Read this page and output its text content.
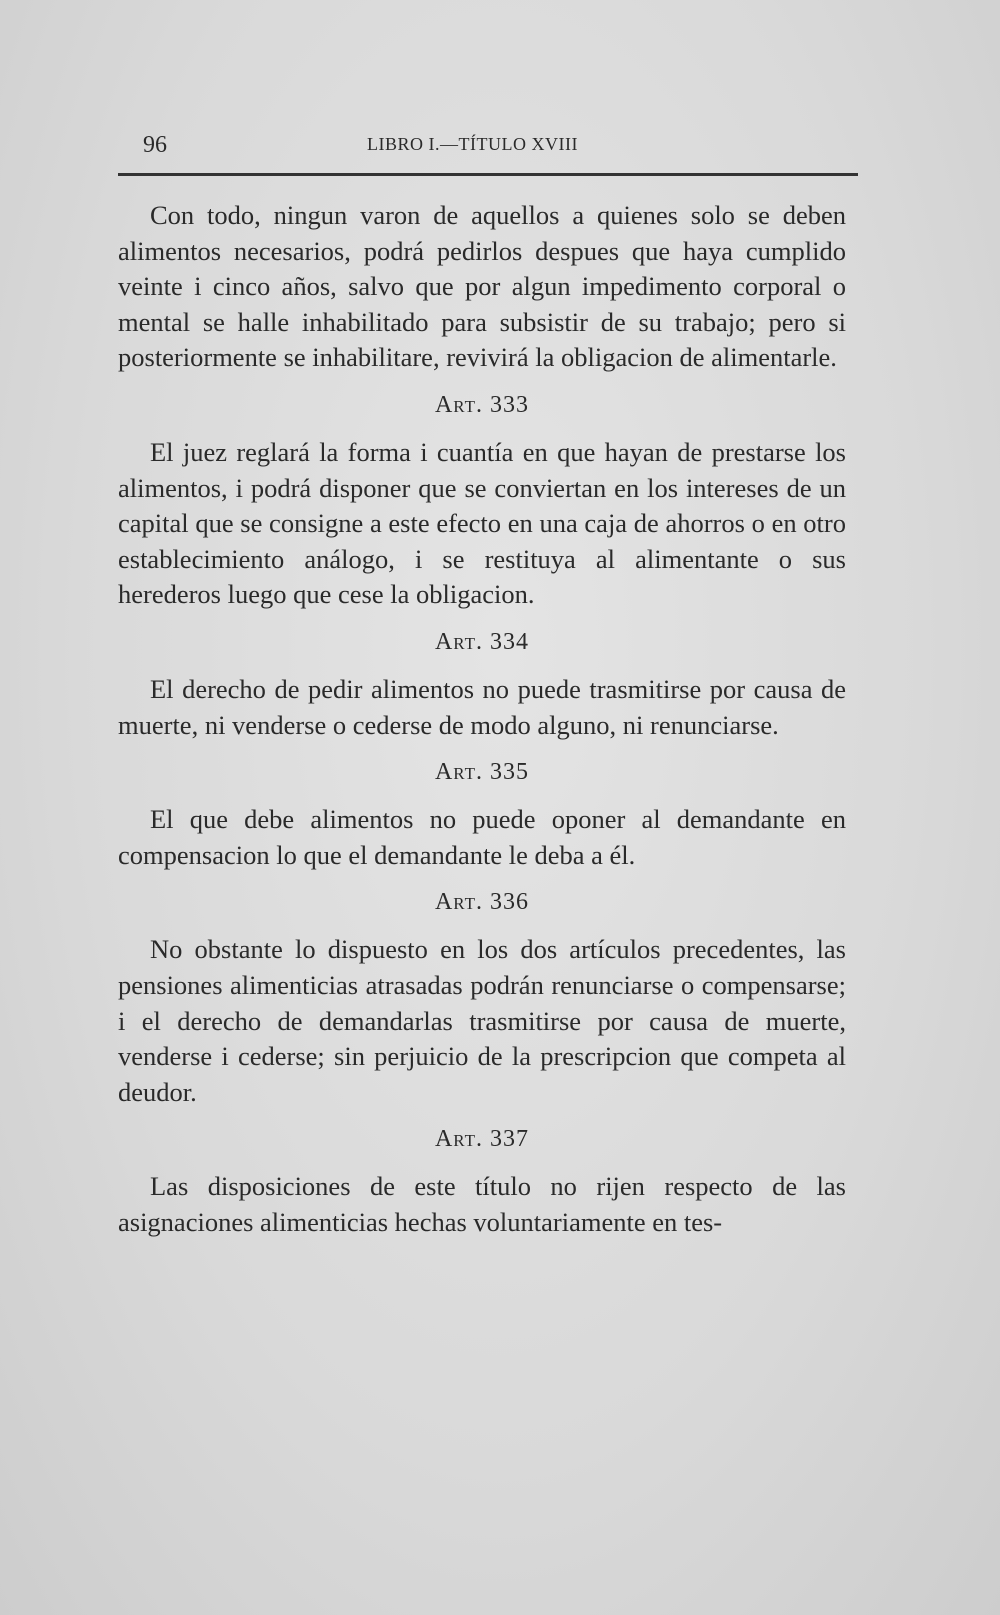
96	LIBRO I.—TÍTULO XVIII

Con todo, ningun varon de aquellos a quienes solo se deben alimentos necesarios, podrá pedirlos despues que haya cumplido veinte i cinco años, salvo que por algun impedimento corporal o mental se halle inhabilitado para subsistir de su trabajo; pero si posteriormente se inhabilitare, revivirá la obligacion de alimentarle.

Art. 333

El juez reglará la forma i cuantía en que hayan de prestarse los alimentos, i podrá disponer que se conviertan en los intereses de un capital que se consigne a este efecto en una caja de ahorros o en otro establecimiento análogo, i se restituya al alimentante o sus herederos luego que cese la obligacion.

Art. 334

El derecho de pedir alimentos no puede trasmitirse por causa de muerte, ni venderse o cederse de modo alguno, ni renunciarse.

Art. 335

El que debe alimentos no puede oponer al demandante en compensacion lo que el demandante le deba a él.

Art. 336

No obstante lo dispuesto en los dos artículos precedentes, las pensiones alimenticias atrasadas podrán renunciarse o compensarse; i el derecho de demandarlas trasmitirse por causa de muerte, venderse i cederse; sin perjuicio de la prescripcion que competa al deudor.

Art. 337

Las disposiciones de este título no rijen respecto de las asignaciones alimenticias hechas voluntariamente en tes-
